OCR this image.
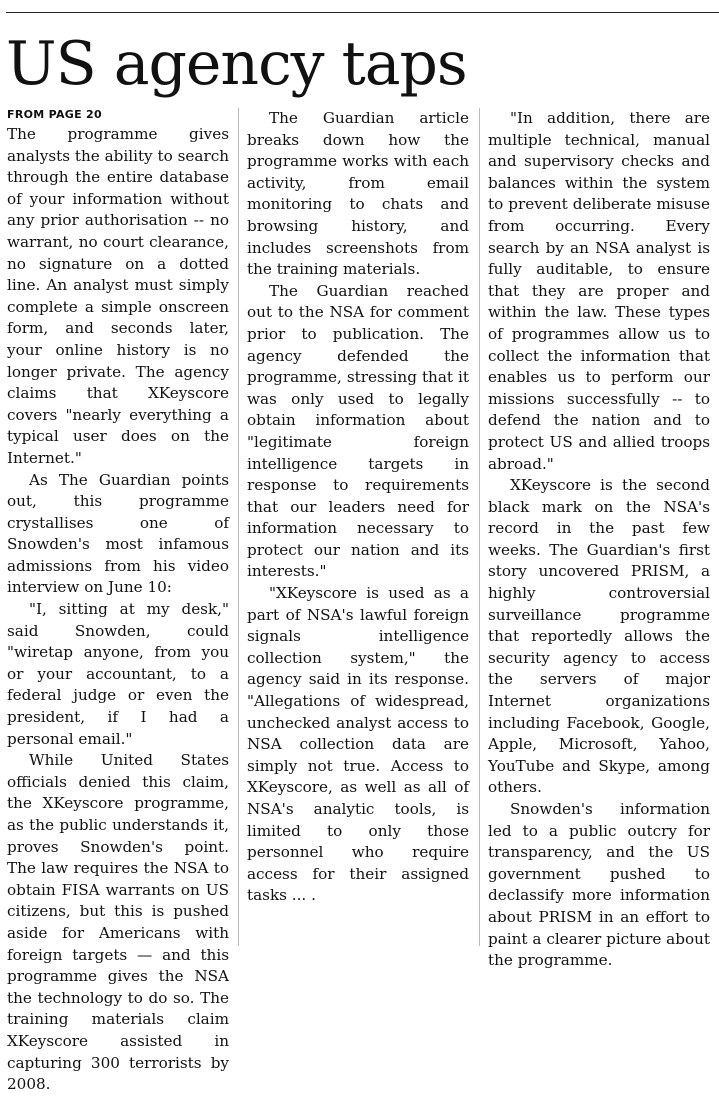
US agency taps
FROM PAGE 20

The programme gives analysts the ability to search through the entire database of your information without any prior authorisation -- no warrant, no court clearance, no signature on a dotted line. An analyst must simply complete a simple onscreen form, and seconds later, your online history is no longer private. The agency claims that XKeyscore covers "nearly everything a typical user does on the Internet."

As The Guardian points out, this programme crystallises one of Snowden's most infamous admissions from his video interview on June 10:

"I, sitting at my desk," said Snowden, could "wiretap anyone, from you or your accountant, to a federal judge or even the president, if I had a personal email."

While United States officials denied this claim, the XKeyscore programme, as the public understands it, proves Snowden's point. The law requires the NSA to obtain FISA warrants on US citizens, but this is pushed aside for Americans with foreign targets — and this programme gives the NSA the technology to do so. The training materials claim XKeyscore assisted in capturing 300 terrorists by 2008.

The Guardian article breaks down how the programme works with each activity, from email monitoring to chats and browsing history, and includes screenshots from the training materials.

The Guardian reached out to the NSA for comment prior to publication. The agency defended the programme, stressing that it was only used to legally obtain information about "legitimate foreign intelligence targets in response to requirements that our leaders need for information necessary to protect our nation and its interests."

"XKeyscore is used as a part of NSA's lawful foreign signals intelligence collection system," the agency said in its response. "Allegations of widespread, unchecked analyst access to NSA collection data are simply not true. Access to XKeyscore, as well as all of NSA's analytic tools, is limited to only those personnel who require access for their assigned tasks ... .

"In addition, there are multiple technical, manual and supervisory checks and balances within the system to prevent deliberate misuse from occurring. Every search by an NSA analyst is fully auditable, to ensure that they are proper and within the law. These types of programmes allow us to collect the information that enables us to perform our missions successfully -- to defend the nation and to protect US and allied troops abroad."

XKeyscore is the second black mark on the NSA's record in the past few weeks. The Guardian's first story uncovered PRISM, a highly controversial surveillance programme that reportedly allows the security agency to access the servers of major Internet organizations including Facebook, Google, Apple, Microsoft, Yahoo, YouTube and Skype, among others.

Snowden's information led to a public outcry for transparency, and the US government pushed to declassify more information about PRISM in an effort to paint a clearer picture about the programme.
